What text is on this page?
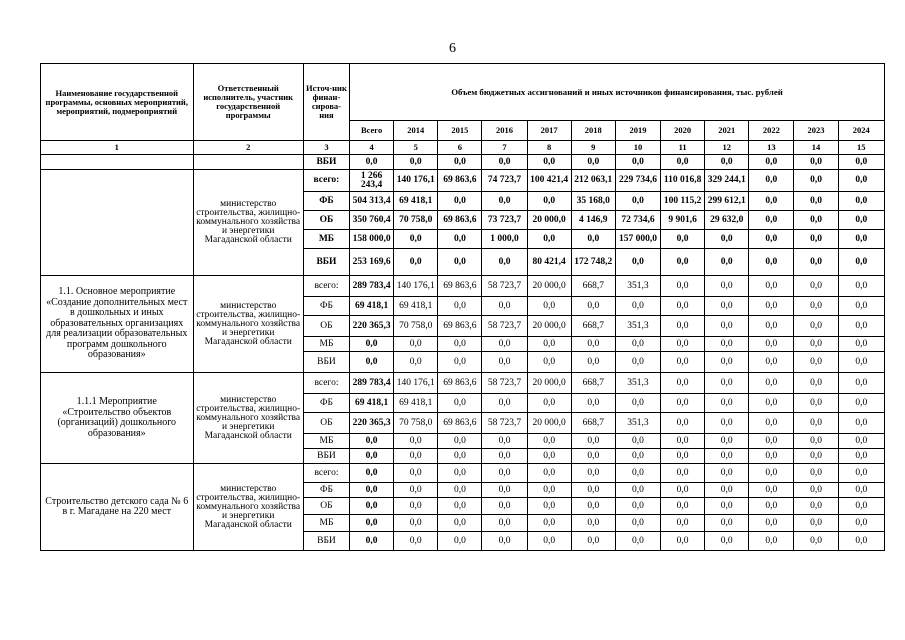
6
Наименование государственной программы, основных мероприятий, мероприятий, подмероприятий	Ответственный исполнитель, участник государственной программы	Источ-ник финан-сирова-ния	Объем бюджетных ассигнований и иных источников финансирования, тыс. рублей											
			Всего	2014	2015	2016	2017	2018	2019	2020	2021	2022	2023	2024
1	2	3	4	5	6	7	8	9	10	11	12	13	14	15
		ВБИ	0,0	0,0	0,0	0,0	0,0	0,0	0,0	0,0	0,0	0,0	0,0	0,0
	министерство строительства, жилищно-коммунального хозяйства и энергетики Магаданской области	всего:	1 266 243,4	140 176,1	69 863,6	74 723,7	100 421,4	212 063,1	229 734,6	110 016,8	329 244,1	0,0	0,0	0,0
		ФБ	504 313,4	69 418,1	0,0	0,0	0,0	35 168,0	0,0	100 115,2	299 612,1	0,0	0,0	0,0
		ОБ	350 760,4	70 758,0	69 863,6	73 723,7	20 000,0	4 146,9	72 734,6	9 901,6	29 632,0	0,0	0,0	0,0
		МБ	158 000,0	0,0	0,0	1 000,0	0,0	0,0	157 000,0	0,0	0,0	0,0	0,0	0,0
		ВБИ	253 169,6	0,0	0,0	0,0	80 421,4	172 748,2	0,0	0,0	0,0	0,0	0,0	0,0
1.1. Основное мероприятие «Создание дополнительных мест в дошкольных и иных образовательных организациях для реализации образовательных программ дошкольного образования»	министерство строительства, жилищно-коммунального хозяйства и энергетики Магаданской области	всего:	289 783,4	140 176,1	69 863,6	58 723,7	20 000,0	668,7	351,3	0,0	0,0	0,0	0,0	0,0
		ФБ	69 418,1	69 418,1	0,0	0,0	0,0	0,0	0,0	0,0	0,0	0,0	0,0	0,0
		ОБ	220 365,3	70 758,0	69 863,6	58 723,7	20 000,0	668,7	351,3	0,0	0,0	0,0	0,0	0,0
		МБ	0,0	0,0	0,0	0,0	0,0	0,0	0,0	0,0	0,0	0,0	0,0	0,0
		ВБИ	0,0	0,0	0,0	0,0	0,0	0,0	0,0	0,0	0,0	0,0	0,0	0,0
1.1.1 Мероприятие «Строительство объектов (организаций) дошкольного образования»	министерство строительства, жилищно-коммунального хозяйства и энергетики Магаданской области	всего:	289 783,4	140 176,1	69 863,6	58 723,7	20 000,0	668,7	351,3	0,0	0,0	0,0	0,0	0,0
		ФБ	69 418,1	69 418,1	0,0	0,0	0,0	0,0	0,0	0,0	0,0	0,0	0,0	0,0
		ОБ	220 365,3	70 758,0	69 863,6	58 723,7	20 000,0	668,7	351,3	0,0	0,0	0,0	0,0	0,0
		МБ	0,0	0,0	0,0	0,0	0,0	0,0	0,0	0,0	0,0	0,0	0,0	0,0
		ВБИ	0,0	0,0	0,0	0,0	0,0	0,0	0,0	0,0	0,0	0,0	0,0	0,0
Строительство детского сада № 6 в г. Магадане на 220 мест	министерство строительства, жилищно-коммунального хозяйства и энергетики Магаданской области	всего:	0,0	0,0	0,0	0,0	0,0	0,0	0,0	0,0	0,0	0,0	0,0	0,0
		ФБ	0,0	0,0	0,0	0,0	0,0	0,0	0,0	0,0	0,0	0,0	0,0	0,0
		ОБ	0,0	0,0	0,0	0,0	0,0	0,0	0,0	0,0	0,0	0,0	0,0	0,0
		МБ	0,0	0,0	0,0	0,0	0,0	0,0	0,0	0,0	0,0	0,0	0,0	0,0
		ВБИ	0,0	0,0	0,0	0,0	0,0	0,0	0,0	0,0	0,0	0,0	0,0	0,0
